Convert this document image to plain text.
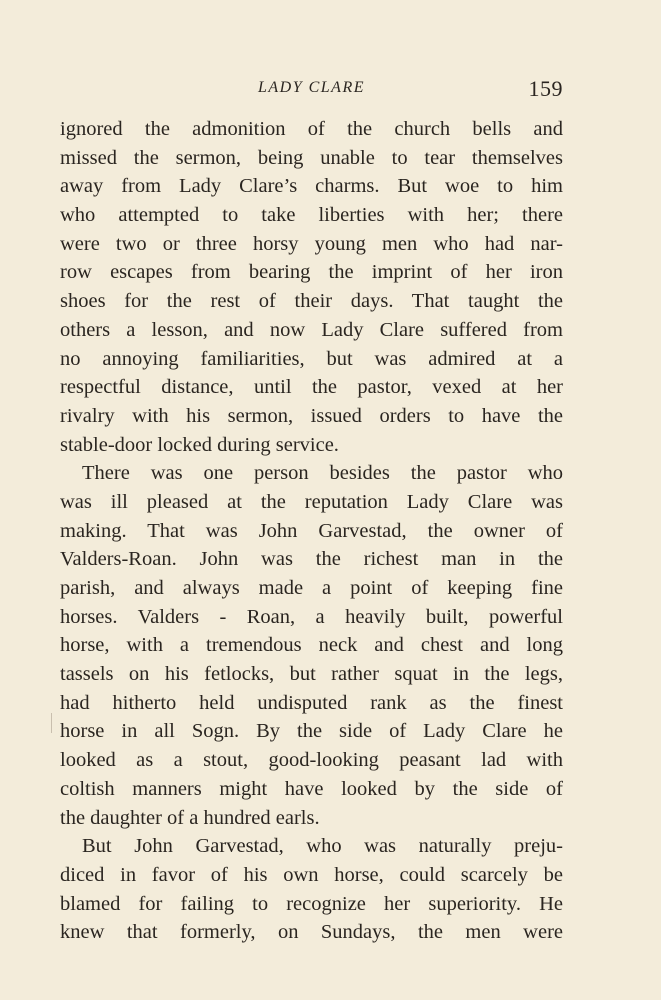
LADY CLARE	159
ignored the admonition of the church bells and
missed the sermon, being unable to tear themselves
away from Lady Clare’s charms. But woe to him
who attempted to take liberties with her; there
were two or three horsy young men who had nar-
row escapes from bearing the imprint of her iron
shoes for the rest of their days. That taught the
others a lesson, and now Lady Clare suffered from
no annoying familiarities, but was admired at a
respectful distance, until the pastor, vexed at her
rivalry with his sermon, issued orders to have the
stable-door locked during service.
There was one person besides the pastor who
was ill pleased at the reputation Lady Clare was
making. That was John Garvestad, the owner of
Valders-Roan. John was the richest man in the
parish, and always made a point of keeping fine
horses. Valders - Roan, a heavily built, powerful
horse, with a tremendous neck and chest and long
tassels on his fetlocks, but rather squat in the legs,
had hitherto held undisputed rank as the finest
horse in all Sogn. By the side of Lady Clare he
looked as a stout, good-looking peasant lad with
coltish manners might have looked by the side of
the daughter of a hundred earls.
But John Garvestad, who was naturally preju-
diced in favor of his own horse, could scarcely be
blamed for failing to recognize her superiority. He
knew that formerly, on Sundays, the men were
